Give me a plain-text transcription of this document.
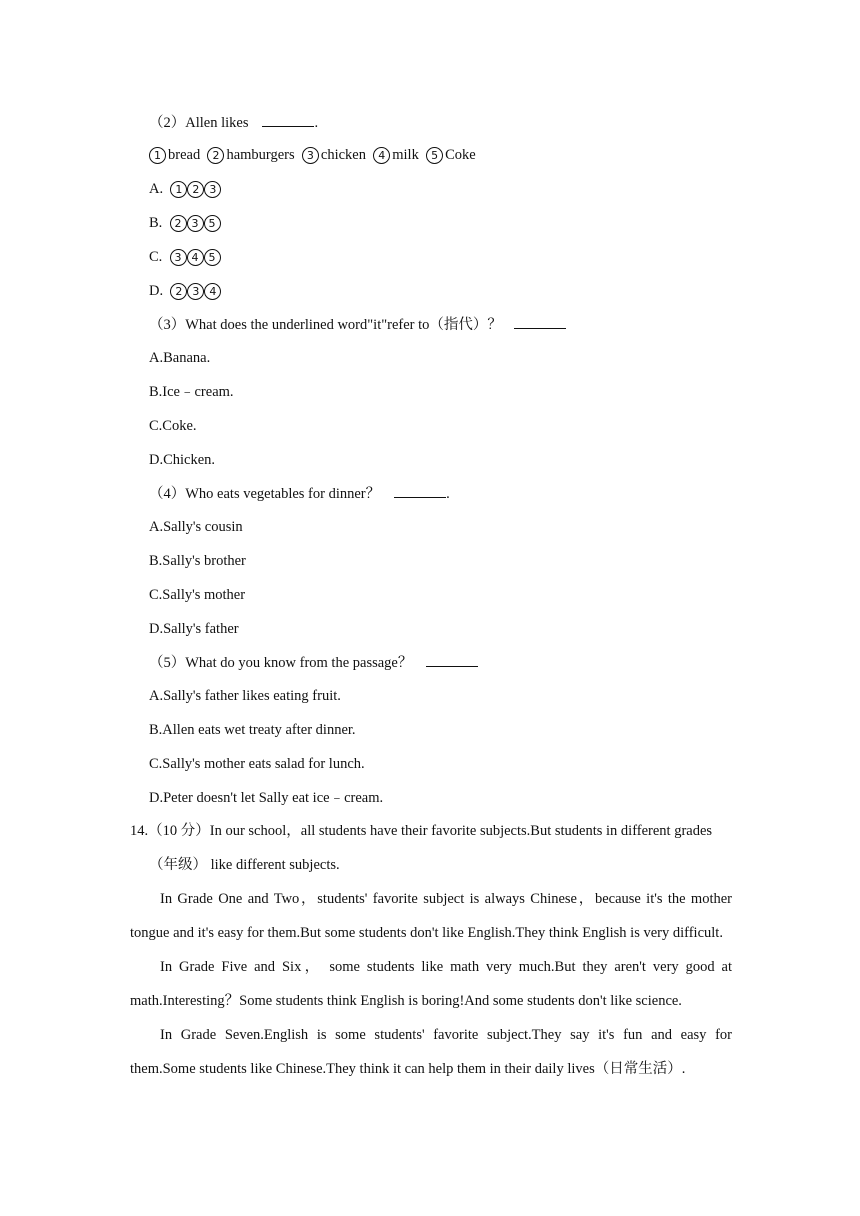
（2）Allen likes	.
1 bread 2 hamburgers 3 chicken 4 milk 5 Coke
A. 1 2 3
B. 2 3 5
C. 3 4 5
D. 2 3 4
（3）What does the underlined word"it"refer to（指代）？
A.Banana.
B.Ice﹣cream.
C.Coke.
D.Chicken.
（4）Who eats vegetables for dinner？	.
A.Sally's cousin
B.Sally's brother
C.Sally's mother
D.Sally's father
（5）What do you know from the passage？
A.Sally's father likes eating fruit.
B.Allen eats wet treaty after dinner.
C.Sally's mother eats salad for lunch.
D.Peter doesn't let Sally eat ice﹣cream.
14.（10 分）In our school，all students have their favorite subjects.But students in different grades
（年级） like different subjects.

In Grade One and Two，students' favorite subject is always Chinese，because it's the mother tongue and it's easy for them.But some students don't like English.They think English is very difficult.

In Grade Five and Six， some students like math very much.But they aren't very good at math.Interesting？Some students think English is boring!And some students don't like science.

In Grade Seven.English is some students' favorite subject.They say it's fun and easy for them.Some students like Chinese.They think it can help them in their daily lives（日常生活）.
